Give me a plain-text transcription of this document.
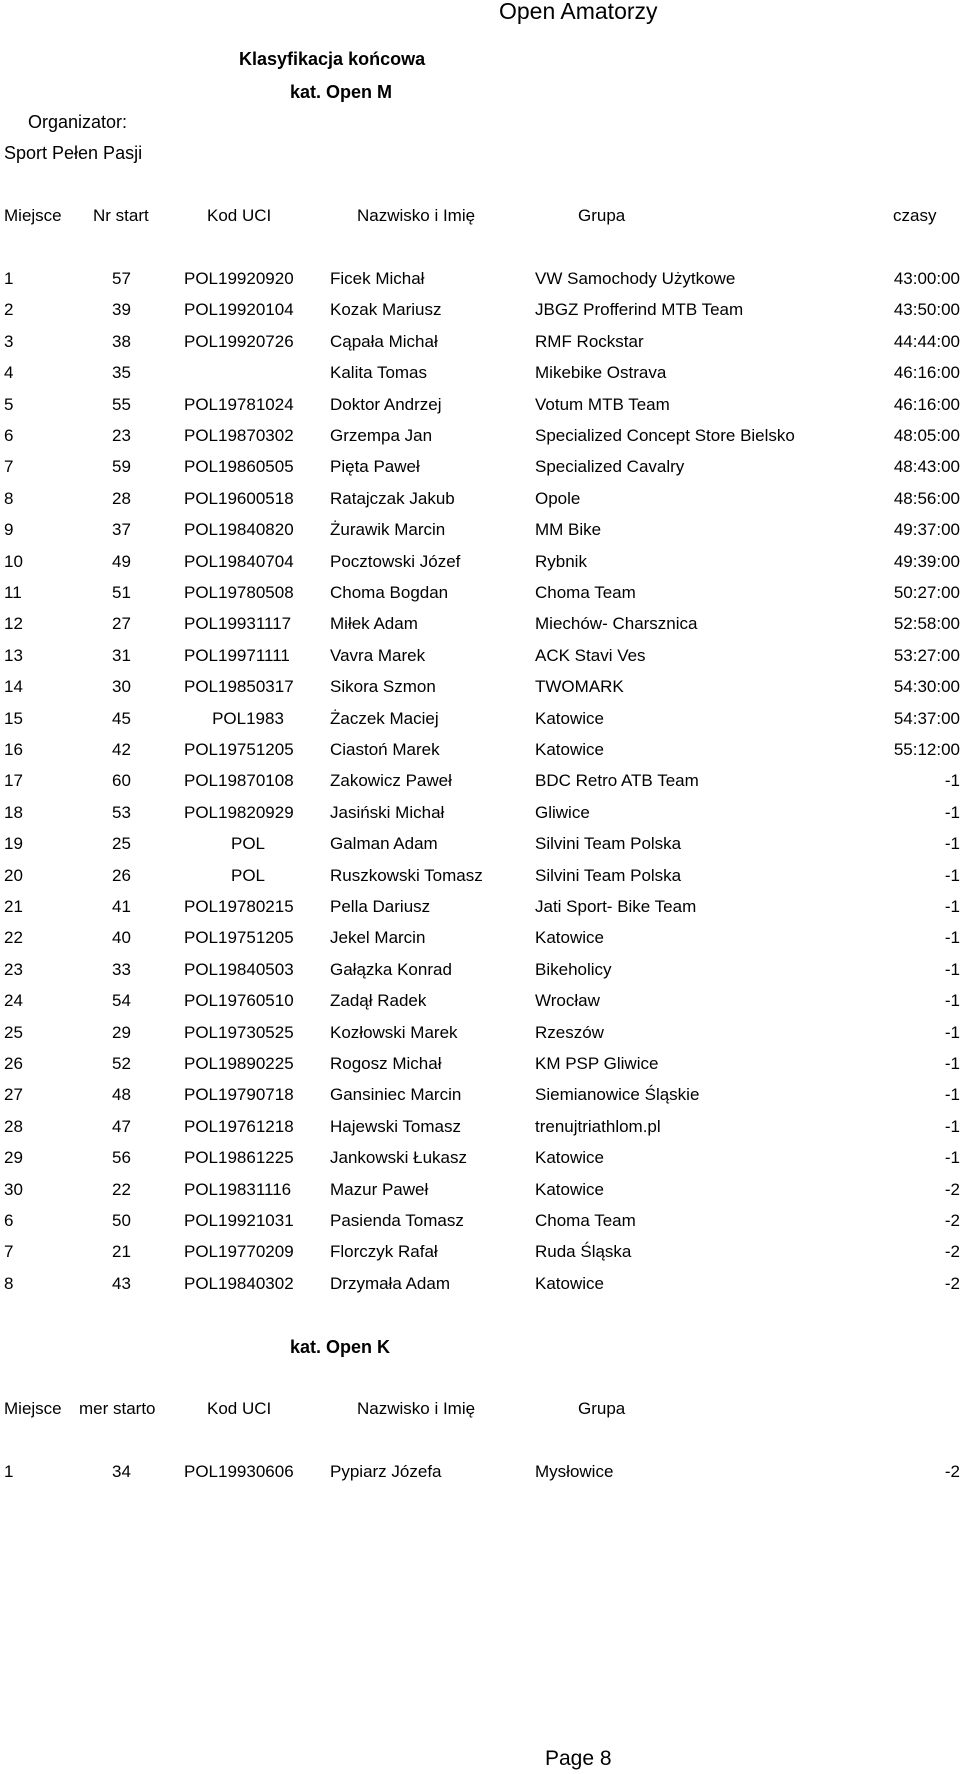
Open Amatorzy
Klasyfikacja końcowa
kat. Open M
Organizator:
Sport Pełen Pasji
Miejsce Nr start	Kod UCI	Nazwisko i Imię	Grupa	czasy
1	57	POL19920920 Ficek Michał	VW Samochody Użytkowe	43:00:00
2	39	POL19920104 Kozak Mariusz	JBGZ Profferind MTB Team	43:50:00
3	38	POL19920726 Cąpała Michał	RMF Rockstar	44:44:00
4	35	Kalita Tomas	Mikebike Ostrava	46:16:00
5	55	POL19781024 Doktor Andrzej	Votum MTB Team	46:16:00
6	23	POL19870302 Grzempa Jan	Specialized Concept Store Bielsko	48:05:00
7	59	POL19860505 Pięta Paweł	Specialized Cavalry	48:43:00
8	28	POL19600518 Ratajczak Jakub	Opole	48:56:00
9	37	POL19840820 Żurawik Marcin	MM Bike	49:37:00
10	49	POL19840704 Pocztowski Józef	Rybnik	49:39:00
11	51	POL19780508 Choma Bogdan	Choma Team	50:27:00
12	27	POL19931117 Miłek Adam	Miechów- Charsznica	52:58:00
13	31	POL19971111 Vavra Marek	ACK Stavi Ves	53:27:00
14	30	POL19850317 Sikora Szmon	TWOMARK	54:30:00
15	45	POL1983	Żaczek Maciej	Katowice	54:37:00
16	42	POL19751205 Ciastoń Marek	Katowice	55:12:00
17	60	POL19870108 Zakowicz Paweł	BDC Retro ATB Team	-1
18	53	POL19820929 Jasiński Michał	Gliwice	-1
19	25	POL	Galman Adam	Silvini Team Polska	-1
20	26	POL	Ruszkowski Tomasz	Silvini Team Polska	-1
21	41	POL19780215 Pella Dariusz	Jati Sport- Bike Team	-1
22	40	POL19751205 Jekel Marcin	Katowice	-1
23	33	POL19840503 Gałązka Konrad	Bikeholicy	-1
24	54	POL19760510 Zadął Radek	Wrocław	-1
25	29	POL19730525 Kozłowski Marek	Rzeszów	-1
26	52	POL19890225 Rogosz Michał	KM PSP Gliwice	-1
27	48	POL19790718 Gansiniec Marcin	Siemianowice Śląskie	-1
28	47	POL19761218 Hajewski Tomasz	trenujtriathlom.pl	-1
29	56	POL19861225 Jankowski Łukasz	Katowice	-1
30	22	POL19831116 Mazur Paweł	Katowice	-2
6	50	POL19921031 Pasienda Tomasz	Choma Team	-2
7	21	POL19770209 Florczyk Rafał	Ruda Śląska	-2
8	43	POL19840302 Drzymała Adam	Katowice	-2
kat. Open K
Miejsce mer starto	Kod UCI	Nazwisko i Imię	Grupa
1	34	POL19930606 Pypiarz Józefa	Mysłowice	-2
Page 8
